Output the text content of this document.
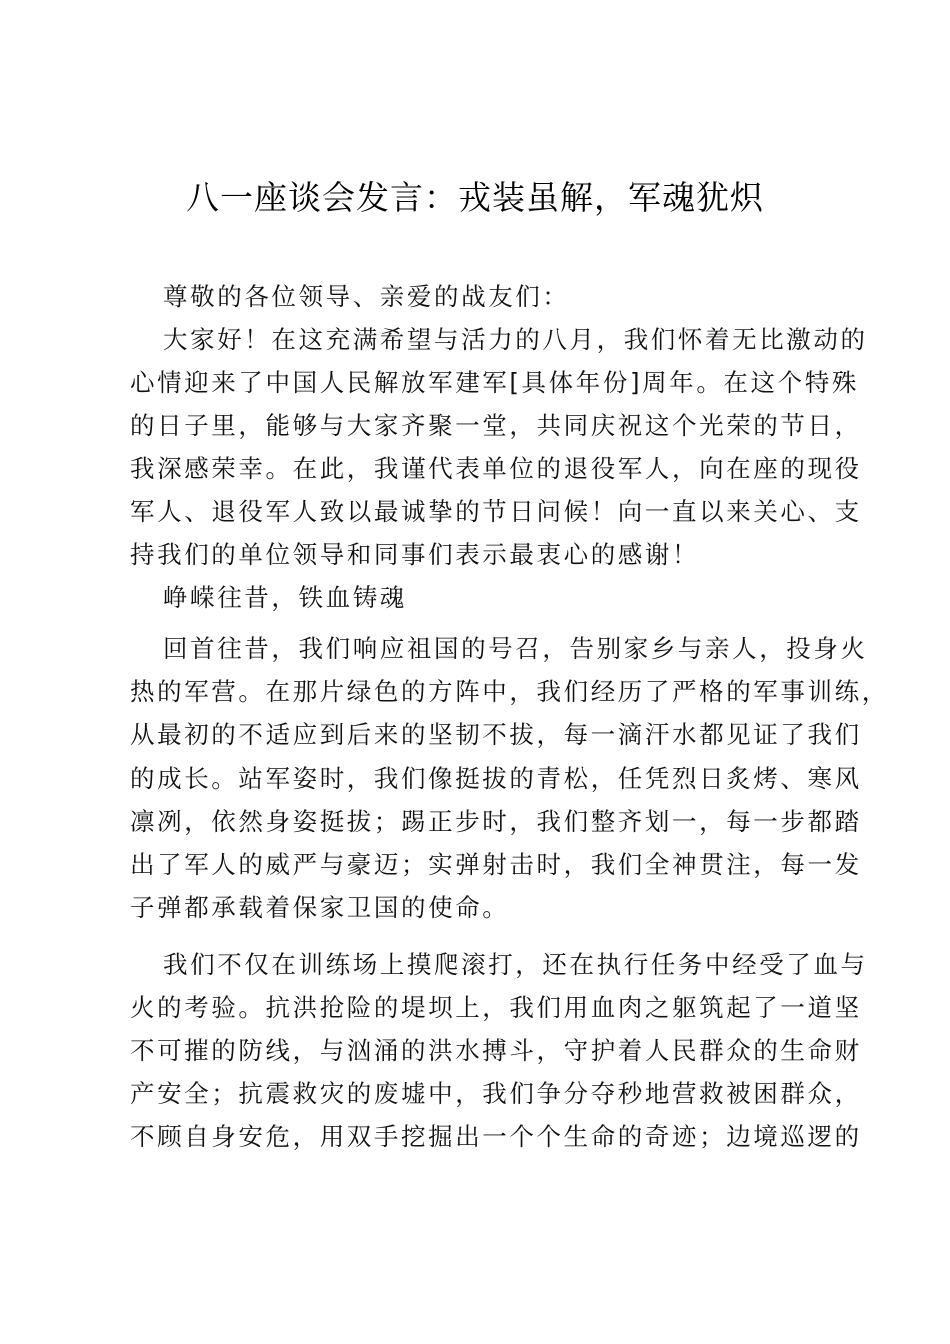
八一座谈会发言：戎装虽解，军魂犹炽
尊敬的各位领导、亲爱的战友们：
大家好！在这充满希望与活力的八月，我们怀着无比激动的
心情迎来了中国人民解放军建军[具体年份]周年。在这个特殊
的日子里，能够与大家齐聚一堂，共同庆祝这个光荣的节日，
我深感荣幸。在此，我谨代表单位的退役军人，向在座的现役
军人、退役军人致以最诚挚的节日问候！向一直以来关心、支
持我们的单位领导和同事们表示最衷心的感谢！
峥嵘往昔，铁血铸魂
回首往昔，我们响应祖国的号召，告别家乡与亲人，投身火
热的军营。在那片绿色的方阵中，我们经历了严格的军事训练，
从最初的不适应到后来的坚韧不拔，每一滴汗水都见证了我们
的成长。站军姿时，我们像挺拔的青松，任凭烈日炙烤、寒风
凛冽，依然身姿挺拔；踢正步时，我们整齐划一，每一步都踏
出了军人的威严与豪迈；实弹射击时，我们全神贯注，每一发
子弹都承载着保家卫国的使命。
我们不仅在训练场上摸爬滚打，还在执行任务中经受了血与
火的考验。抗洪抢险的堤坝上，我们用血肉之躯筑起了一道坚
不可摧的防线，与汹涌的洪水搏斗，守护着人民群众的生命财
产安全；抗震救灾的废墟中，我们争分夺秒地营救被困群众，
不顾自身安危，用双手挖掘出一个个生命的奇迹；边境巡逻的
